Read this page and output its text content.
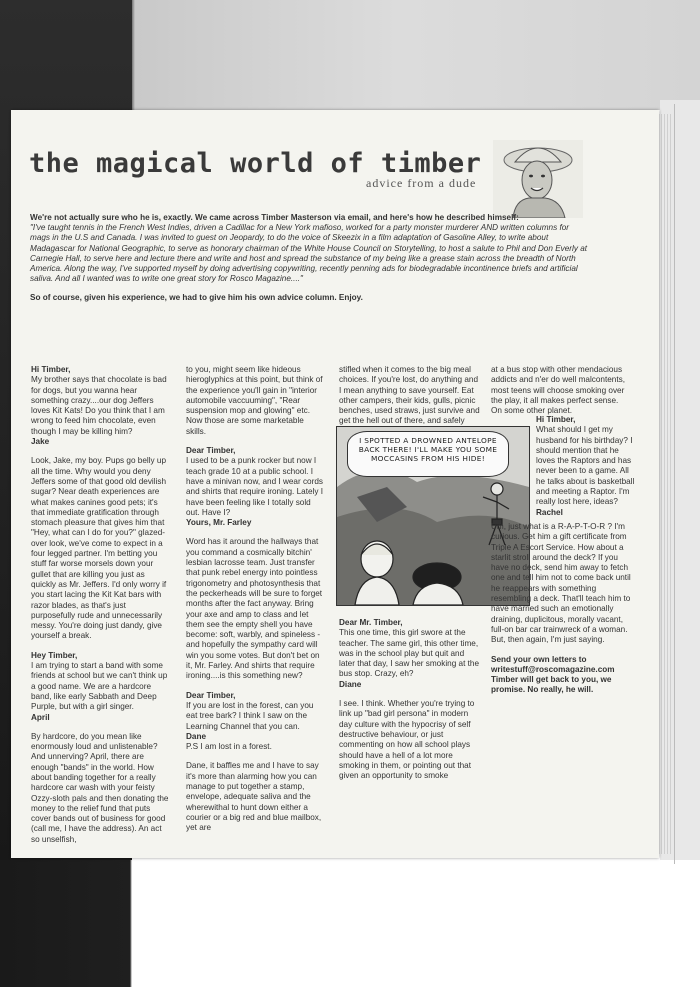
the magical world of timber
advice from a dude
We're not actually sure who he is, exactly. We came across Timber Masterson via email, and here's how he described himself:
"I've taught tennis in the French West Indies, driven a Cadillac for a New York mafioso, worked for a party monster murderer AND written columns for mags in the U.S and Canada. I was invited to guest on Jeopardy, to do the voice of Skeezix in a film adaptation of Gasoline Alley, to write about Madagascar for National Geographic, to serve as honorary chairman of the White House Council on Storytelling, to host a salute to Phil and Don Everly at Carnegie Hall, to serve here and lecture there and write and host and spread the substance of my being like a grease stain across the breadth of North America. Along the way, I've supported myself by doing advertising copywriting, recently penning ads for biodegradable incontinence briefs and artificial saliva. And all I wanted was to write one great story for Rosco Magazine...."
So of course, given his experience, we had to give him his own advice column. Enjoy.
Hi Timber,
My brother says that chocolate is bad for dogs, but you wanna hear something crazy....our dog Jeffers loves Kit Kats! Do you think that I am wrong to feed him chocolate, even though I may be killing him?

Jake

Look, Jake, my boy. Pups go belly up all the time. Why would you deny Jeffers some of that good old devilish sugar? Near death experiences are what makes canines good pets; it's that immediate gratification through stomach pleasure that gives him that "Hey, what can I do for you?" glazed-over look, we've come to expect in a four legged partner. I'm betting you stuff far worse morsels down your gullet that are killing you just as quickly as Mr. Jeffers. I'd only worry if you start lacing the Kit Kat bars with razor blades, as that's just purposefully rude and unnecessarily messy. You're doing just dandy, give yourself a break.

Hey Timber,
I am trying to start a band with some friends at school but we can't think up a good name. We are a hardcore band, like early Sabbath and Deep Purple, but with a girl singer.

April

By hardcore, do you mean like enormously loud and unlistenable? And unnerving? April, there are enough "bands" in the world. How about banding together for a really hardcore car wash with your feisty Ozzy-sloth pals and then donating the money to the relief fund that puts cover bands out of business for good (call me, I have the address). An act so unselfish,

to you, might seem like hideous hieroglyphics at this point, but think of the experience you'll gain in "interior automobile vaccuuming", "Rear suspension mop and glowing" etc. Now those are some marketable skills.

Dear Timber,
I used to be a punk rocker but now I teach grade 10 at a public school. I have a minivan now, and I wear cords and shirts that require ironing. Lately I have been feeling like I totally sold out. Have I?

Yours, Mr. Farley

Word has it around the hallways that you command a cosmically bitchin' lesbian lacrosse team. Just transfer that punk rebel energy into pointless trigonometry and photosynthesis that the peckerheads will be sure to forget months after the fact anyway. Bring your axe and amp to class and let them see the empty shell you have become: soft, warbly, and spineless - and hopefully the sympathy card will win you some votes. But don't bet on it, Mr. Farley. And shirts that require ironing....is this something new?

Dear Timber,
If you are lost in the forest, can you eat tree bark? I think I saw on the Learning Channel that you can.
Dane

P.S I am lost in a forest.

Dane, it baffles me and I have to say it's more than alarming how you can manage to put together a stamp, envelope, adequate saliva and the wherewithal to hunt down either a courier or a big red and blue mailbox, yet are

stifled when it comes to the big meal choices. If you're lost, do anything and I mean anything to save yourself. Eat other campers, their kids, gulls, picnic benches, used straws, just survive and get the hell out of there, and safely

I SPOTTED A DROWNED ANTELOPE BACK THERE! I'LL MAKE YOU SOME MOCCASINS FROM HIS HIDE!
Dear Mr. Timber,
This one time, this girl swore at the teacher. The same girl, this other time, was in the school play but quit and later that day, I saw her smoking at the bus stop. Crazy, eh?

Diane

I see. I think. Whether you're trying to link up "bad girl persona" in modern day culture with the hypocrisy of self destructive behaviour, or just commenting on how all school plays should have a hell of a lot more smoking in them, or pointing out that given an opportunity to smoke

at a bus stop with other mendacious addicts and n'er do well malcontents, most teens will choose smoking over the play, it all makes perfect sense. On some other planet.

Hi Timber,
What should I get my husband for his birthday? I should mention that he loves the Raptors and has never been to a game. All he talks about is basketball and meeting a Raptor. I'm really lost here, ideas?
Rachel

Um, just what is a R-A-P-T-O-R ? I'm curious. Get him a gift certificate from Triple A Escort Service. How about a starlit stroll around the deck? If you have no deck, send him away to fetch one and tell him not to come back until he reappears with something resembling a deck. That'll teach him to have married such an emotionally draining, duplicitous, morally vacant, full-on bar car trainwreck of a woman. But, then again, I'm just saying.

Send your own letters to
writestuff@roscomagazine.com
Timber will get back to you, we promise. No really, he will.
